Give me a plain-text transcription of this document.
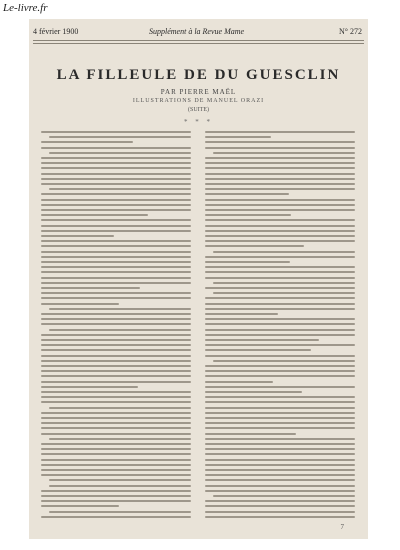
Le-livre.fr
4 février 1900	Supplément à la Revue Mame	N° 272
LA FILLEULE DE DU GUESCLIN
PAR PIERRE MAËL
ILLUSTRATIONS DE MANUEL ORAZI
(SUITE)
* * *
7
